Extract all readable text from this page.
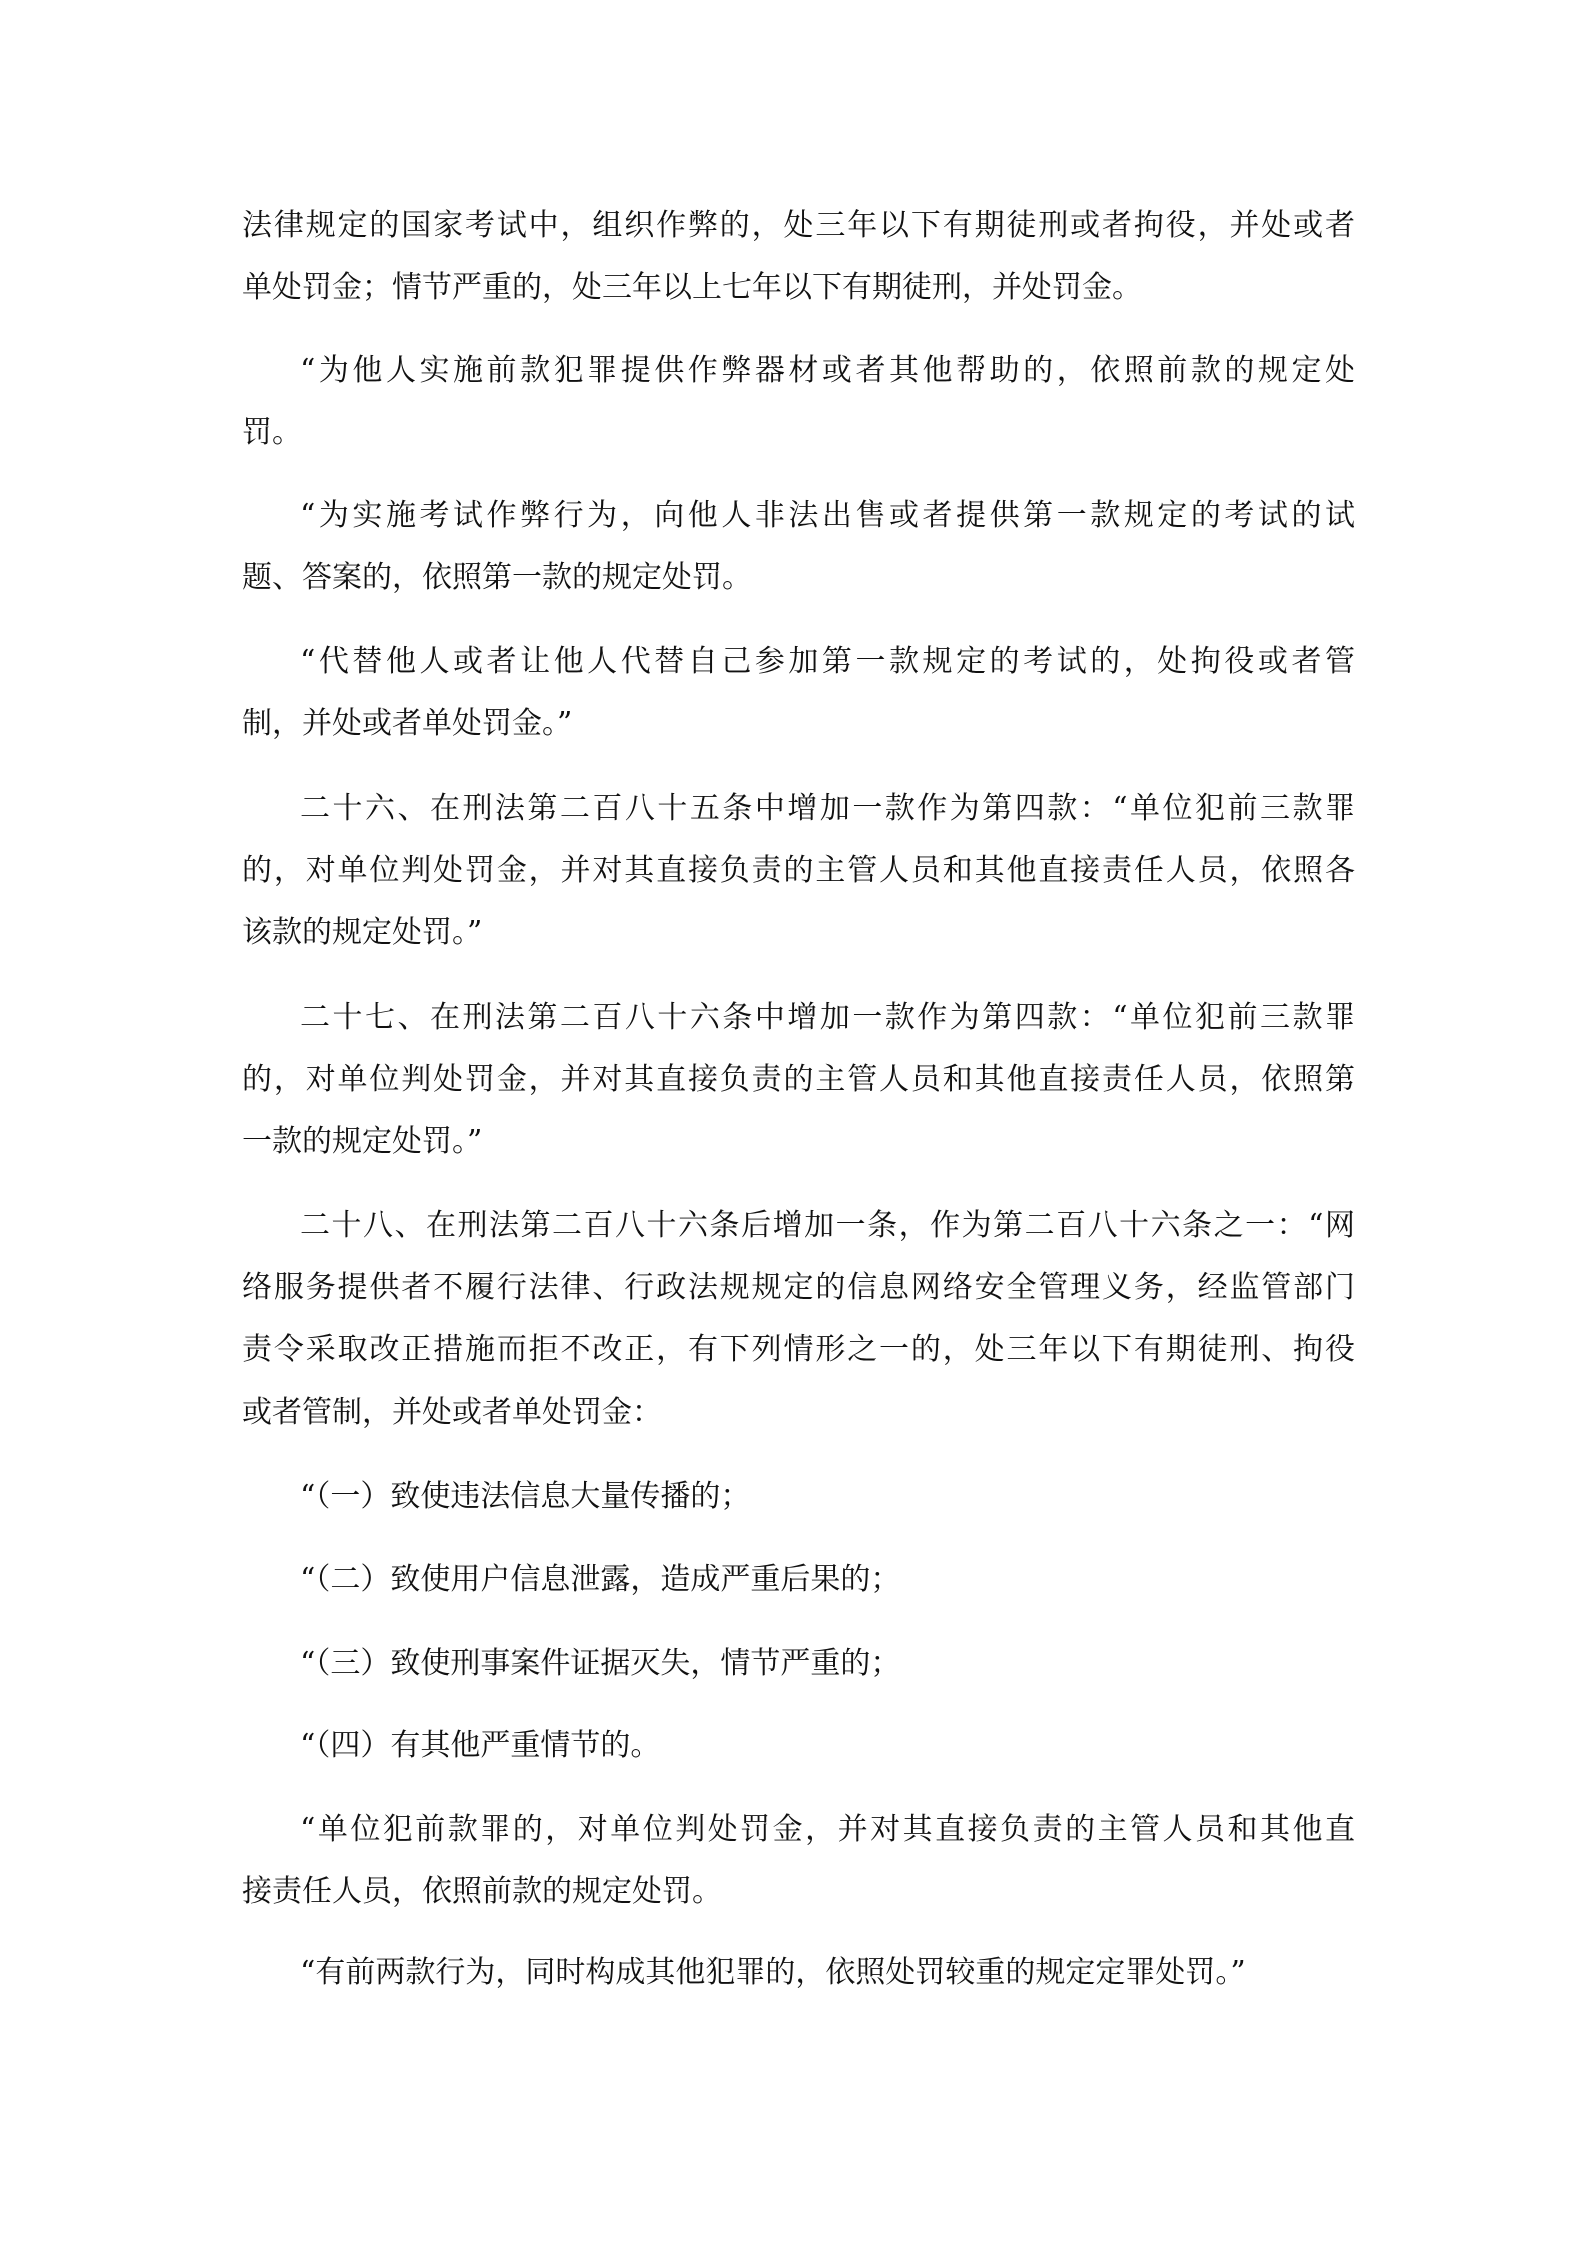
法律规定的国家考试中，组织作弊的，处三年以下有期徒刑或者拘役，并处或者
单处罚金；情节严重的，处三年以上七年以下有期徒刑，并处罚金。
“为他人实施前款犯罪提供作弊器材或者其他帮助的，依照前款的规定处
罚。
“为实施考试作弊行为，向他人非法出售或者提供第一款规定的考试的试
题、答案的，依照第一款的规定处罚。
“代替他人或者让他人代替自己参加第一款规定的考试的，处拘役或者管
制，并处或者单处罚金。”
二十六、在刑法第二百八十五条中增加一款作为第四款：“单位犯前三款罪
的，对单位判处罚金，并对其直接负责的主管人员和其他直接责任人员，依照各
该款的规定处罚。”
二十七、在刑法第二百八十六条中增加一款作为第四款：“单位犯前三款罪
的，对单位判处罚金，并对其直接负责的主管人员和其他直接责任人员，依照第
一款的规定处罚。”
二十八、在刑法第二百八十六条后增加一条，作为第二百八十六条之一：“网
络服务提供者不履行法律、行政法规规定的信息网络安全管理义务，经监管部门
责令采取改正措施而拒不改正，有下列情形之一的，处三年以下有期徒刑、拘役
或者管制，并处或者单处罚金：
“（一）致使违法信息大量传播的；
“（二）致使用户信息泄露，造成严重后果的；
“（三）致使刑事案件证据灭失，情节严重的；
“（四）有其他严重情节的。
“单位犯前款罪的，对单位判处罚金，并对其直接负责的主管人员和其他直
接责任人员，依照前款的规定处罚。
“有前两款行为，同时构成其他犯罪的，依照处罚较重的规定定罪处罚。”
